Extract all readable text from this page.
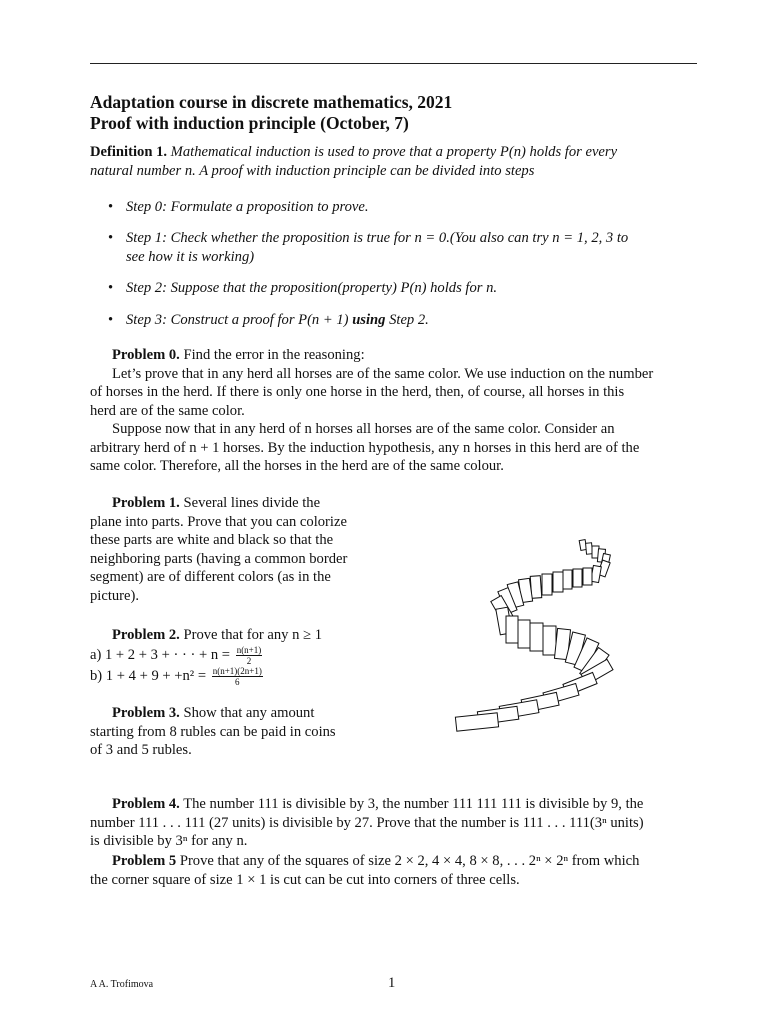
Adaptation course in discrete mathematics, 2021
Proof with induction principle (October, 7)
Definition 1. Mathematical induction is used to prove that a property P(n) holds for every
natural number n. A proof with induction principle can be divided into steps
• Step 0: Formulate a proposition to prove.
• Step 1: Check whether the proposition is true for n = 0.(You also can try n = 1, 2, 3 to
see how it is working)
• Step 2: Suppose that the proposition(property) P(n) holds for n.
• Step 3: Construct a proof for P(n + 1) using Step 2.
Problem 0. Find the error in the reasoning:
Let’s prove that in any herd all horses are of the same color. We use induction on the number
of horses in the herd. If there is only one horse in the herd, then, of course, all horses in this
herd are of the same color.
Suppose now that in any herd of n horses all horses are of the same color. Consider an
arbitrary herd of n + 1 horses. By the induction hypothesis, any n horses in this herd are of the
same color. Therefore, all the horses in the herd are of the same colour.
Problem 1. Several lines divide the
plane into parts. Prove that you can colorize
these parts are white and black so that the
neighboring parts (having a common border
segment) are of different colors (as in the
picture).
Problem 2. Prove that for any n ≥ 1
a) 1 + 2 + 3 + · · · + $n = \frac{n(n+1)}{2}$
b) $1 + 4 + 9 + +n^2 = \frac{n(n+1)(2n+1)}{6}$
Problem 3. Show that any amount
starting from 8 rubles can be paid in coins
of 3 and 5 rubles.
Problem 4. The number 111 is divisible by 3, the number 111 111 111 is divisible by 9, the
number 111 . . . 111 (27 units) is divisible by 27. Prove that the number is 111 . . . 111(3ⁿ units)
is divisible by 3ⁿ for any n.
Problem 5 Prove that any of the squares of size 2 × 2, 4 × 4, 8 × 8, . . . 2ⁿ × 2ⁿ from which
the corner square of size 1 × 1 is cut can be cut into corners of three cells.
A A. Trofimova	1
